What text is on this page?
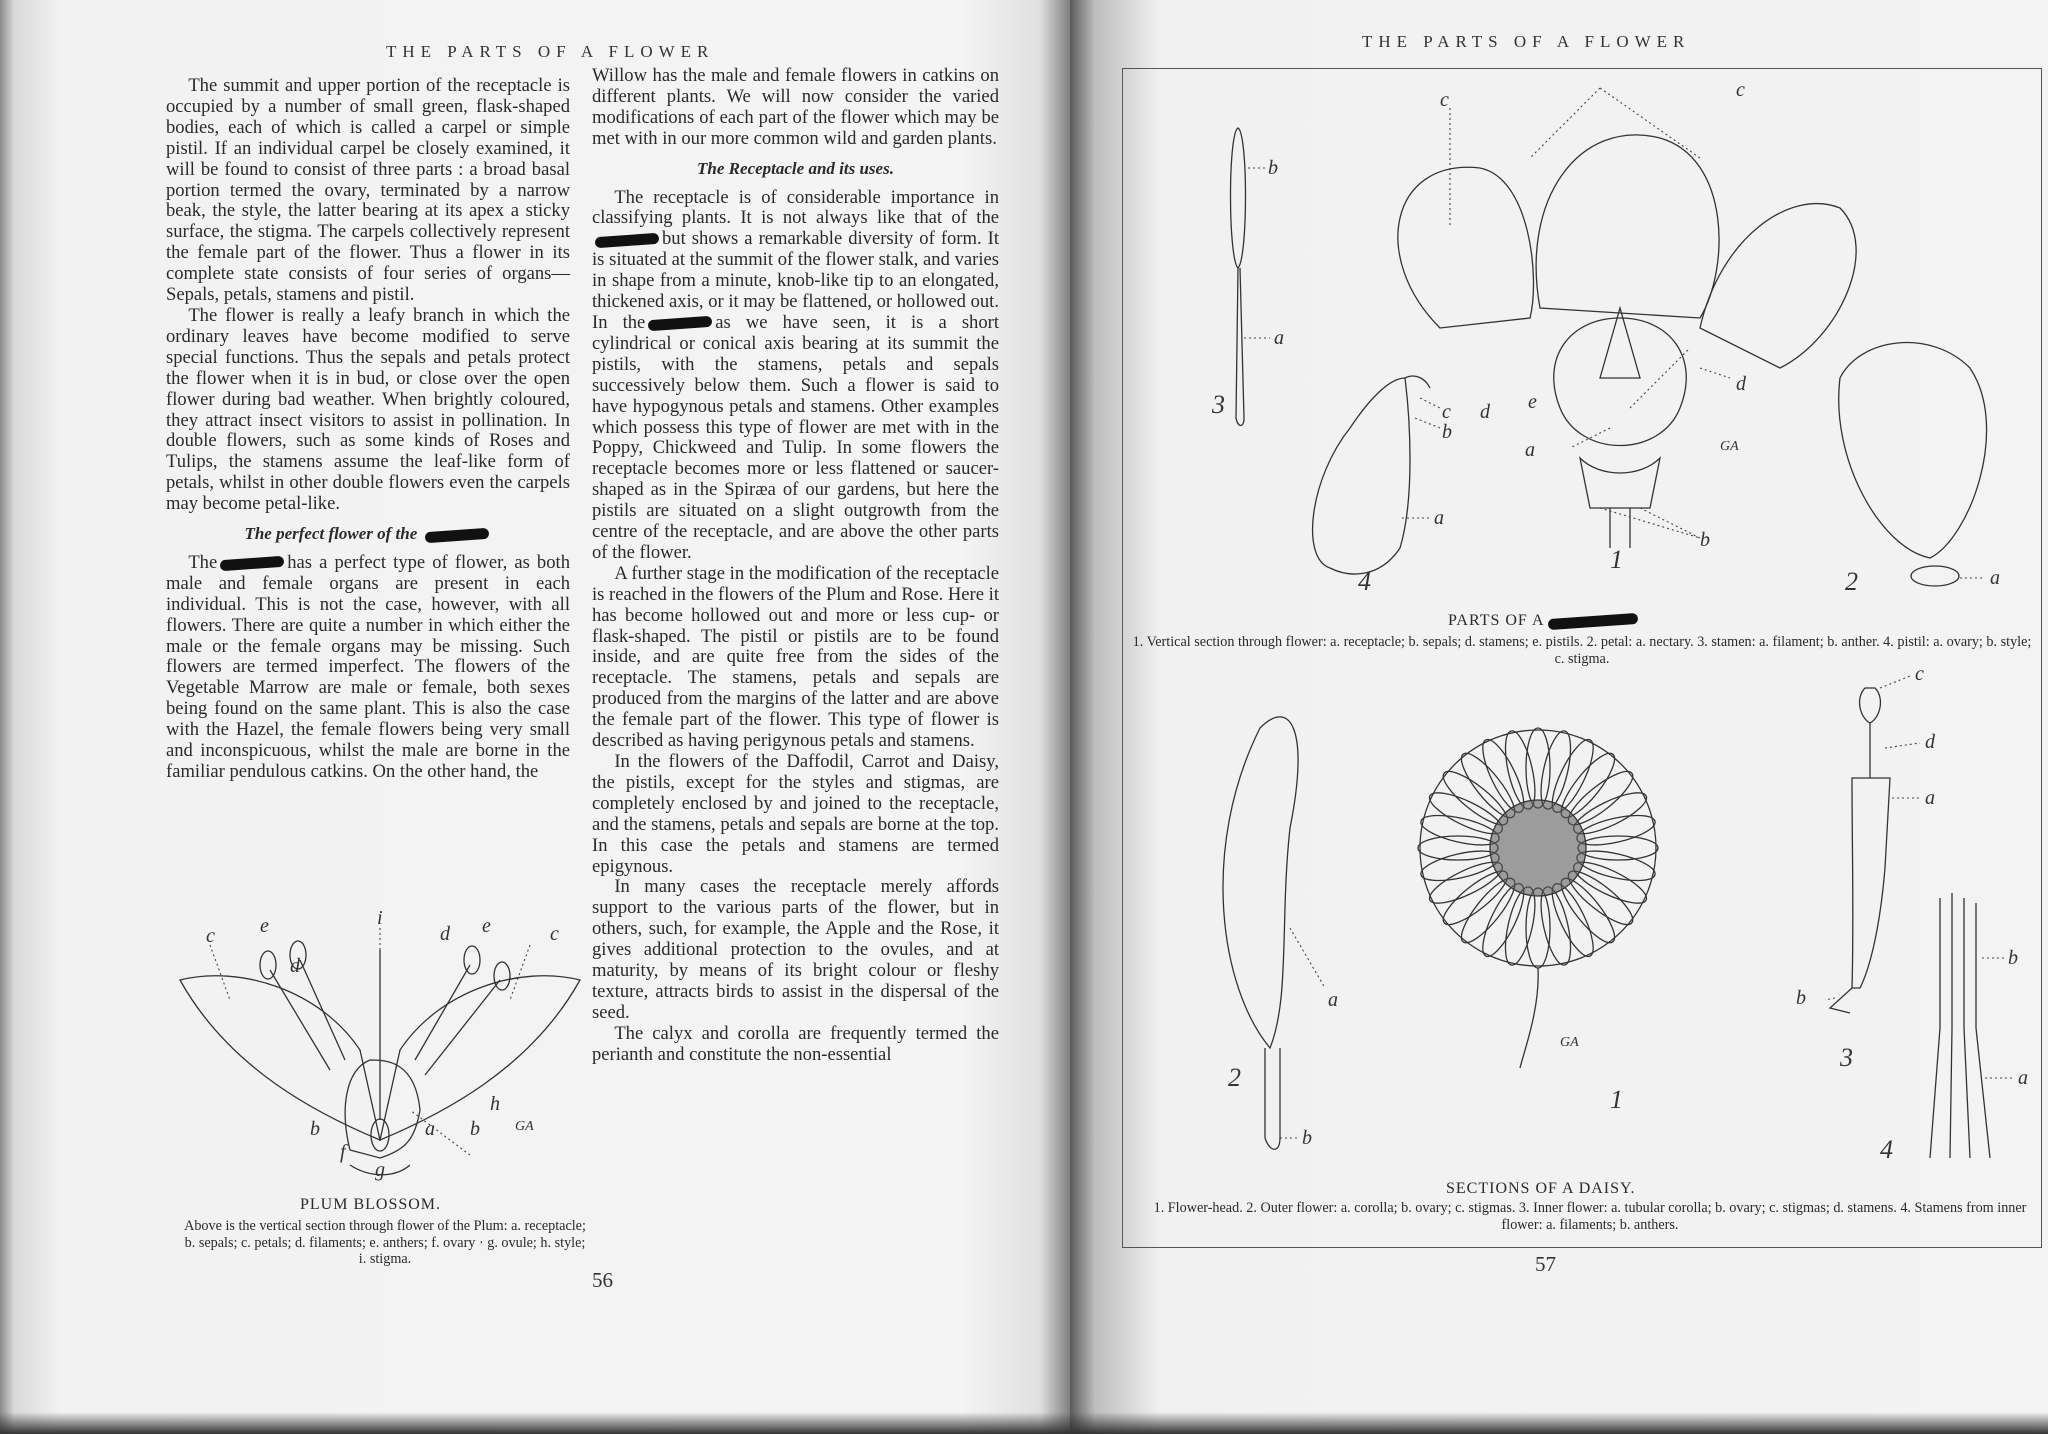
THE PARTS OF A FLOWER

The summit and upper portion of the receptacle is occupied by a number of small green, flask-shaped bodies, each of which is called a carpel or simple pistil. If an individual carpel be closely examined, it will be found to consist of three parts : a broad basal portion termed the ovary, terminated by a narrow beak, the style, the latter bearing at its apex a sticky surface, the stigma. The carpels collectively represent the female part of the flower. Thus a flower in its complete state consists of four series of organs—Sepals, petals, stamens and pistil.

The flower is really a leafy branch in which the ordinary leaves have become modified to serve special functions. Thus the sepals and petals protect the flower when it is in bud, or close over the open flower during bad weather. When brightly coloured, they attract insect visitors to assist in pollination. In double flowers, such as some kinds of Roses and Tulips, the stamens assume the leaf-like form of petals, whilst in other double flowers even the carpels may become petal-like.

The perfect flower of the

The	has a perfect type of flower, as both male and female organs are present in each individual. This is not the case, however, with all flowers. There are quite a number in which either the male or the female organs may be missing. Such flowers are termed imperfect. The flowers of the Vegetable Marrow are male or female, both sexes being found on the same plant. This is also the case with the Hazel, the female flowers being very small and inconspicuous, whilst the male are borne in the familiar pendulous catkins. On the other hand, the

Willow has the male and female flowers in catkins on different plants. We will now consider the varied modifications of each part of the flower which may be met with in our more common wild and garden plants.

The Receptacle and its uses.

The receptacle is of considerable importance in classifying plants. It is not always like that of thebut shows a remarkable diversity of form. It is situated at the summit of the flower stalk, and varies in shape from a minute, knob-like tip to an elongated, thickened axis, or it may be flattened, or hollowed out. In the	as we have seen, it is a short cylindrical or conical axis bearing at its summit the pistils, with the stamens, petals and sepals successively below them. Such a flower is said to have hypogynous petals and stamens. Other examples which possess this type of flower are met with in the Poppy, Chickweed and Tulip. In some flowers the receptacle becomes more or less flattened or saucer-shaped as in the Spiræa of our gardens, but here the pistils are situated on a slight outgrowth from the centre of the receptacle, and are above the other parts of the flower.

A further stage in the modification of the receptacle is reached in the flowers of the Plum and Rose. Here it has become hollowed out and more or less cup- or flask-shaped. The pistil or pistils are to be found inside, and are quite free from the sides of the receptacle. The stamens, petals and sepals are produced from the margins of the latter and are above the female part of the flower. This type of flower is described as having perigynous petals and stamens.

In the flowers of the Daffodil, Carrot and Daisy, the pistils, except for the styles and stigmas, are completely enclosed by and joined to the receptacle, and the stamens, petals and sepals are borne at the top. In this case the petals and stamens are termed epigynous.

In many cases the receptacle merely affords support to the various parts of the flower, but in others, such, for example, the Apple and the Rose, it gives additional protection to the ovules, and at maturity, by means of its bright colour or fleshy texture, attracts birds to assist in the dispersal of the seed.

The calyx and corolla are frequently termed the perianth and constitute the non-essential

c e
d
i
d e	c
h
b	b
a
f
g
GA
PLUM BLOSSOM.
Above is the vertical section through flower of the Plum: a. receptacle; b. sepals; c. petals; d. filaments; e. anthers; f. ovary · g. ovule; h. style; i. stigma.
56
THE PARTS OF A FLOWER
b
a
3
c	c
d e
d
a
b
GA
1
c
b
a
4	a
2
PARTS OF A
1. Vertical section through flower: a. receptacle; b. sepals; d. stamens; e. pistils. 2. petal: a. nectary. 3. stamen: a. filament; b. anther. 4. pistil: a. ovary; b. style; c. stigma.
a
b
2
GA
1
c
d
a
b
3
b
a
4
SECTIONS OF A DAISY.
1. Flower-head. 2. Outer flower: a. corolla; b. ovary; c. stigmas. 3. Inner flower: a. tubular corolla; b. ovary; c. stigmas; d. stamens. 4. Stamens from inner flower: a. filaments; b. anthers.
57
